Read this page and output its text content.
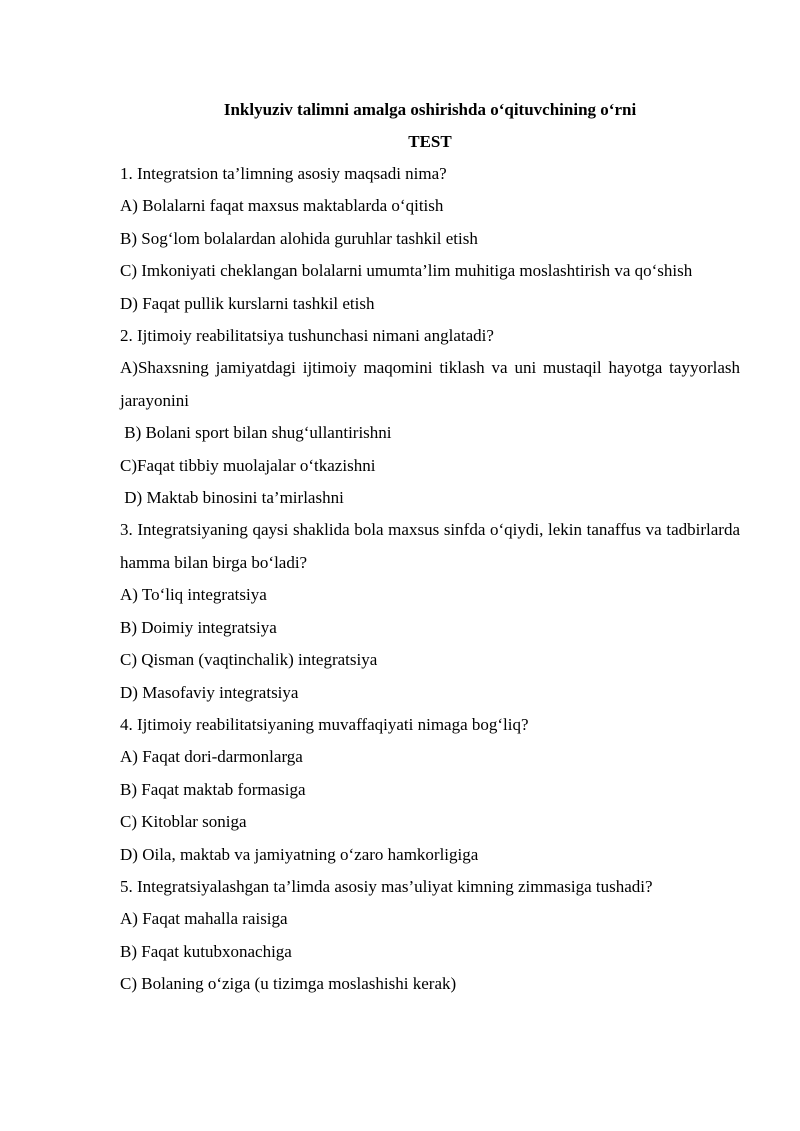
Inklyuziv talimni amalga oshirishda o‘qituvchining o‘rni

TEST

1. Integratsion ta’limning asosiy maqsadi nima?

A) Bolalarni faqat maxsus maktablarda o‘qitish

B) Sog‘lom bolalardan alohida guruhlar tashkil etish

C) Imkoniyati cheklangan bolalarni umumta’lim muhitiga moslashtirish va qo‘shish

D) Faqat pullik kurslarni tashkil etish

2. Ijtimoiy reabilitatsiya tushunchasi nimani anglatadi?

A)Shaxsning jamiyatdagi ijtimoiy maqomini tiklash va uni mustaqil hayotga tayyorlash jarayonini

B) Bolani sport bilan shug‘ullantirishni

C)Faqat tibbiy muolajalar o‘tkazishni

D) Maktab binosini ta’mirlashni

3. Integratsiyaning qaysi shaklida bola maxsus sinfda o‘qiydi, lekin tanaffus va tadbirlarda hamma bilan birga bo‘ladi?

A) To‘liq integratsiya

B) Doimiy integratsiya

C) Qisman (vaqtinchalik) integratsiya

D) Masofaviy integratsiya

4. Ijtimoiy reabilitatsiyaning muvaffaqiyati nimaga bog‘liq?

A) Faqat dori-darmonlarga

B) Faqat maktab formasiga

C) Kitoblar soniga

D) Oila, maktab va jamiyatning o‘zaro hamkorligiga

5. Integratsiyalashgan ta’limda asosiy mas’uliyat kimning zimmasiga tushadi?

A) Faqat mahalla raisiga

B) Faqat kutubxonachiga

C) Bolaning o‘ziga (u tizimga moslashishi kerak)
